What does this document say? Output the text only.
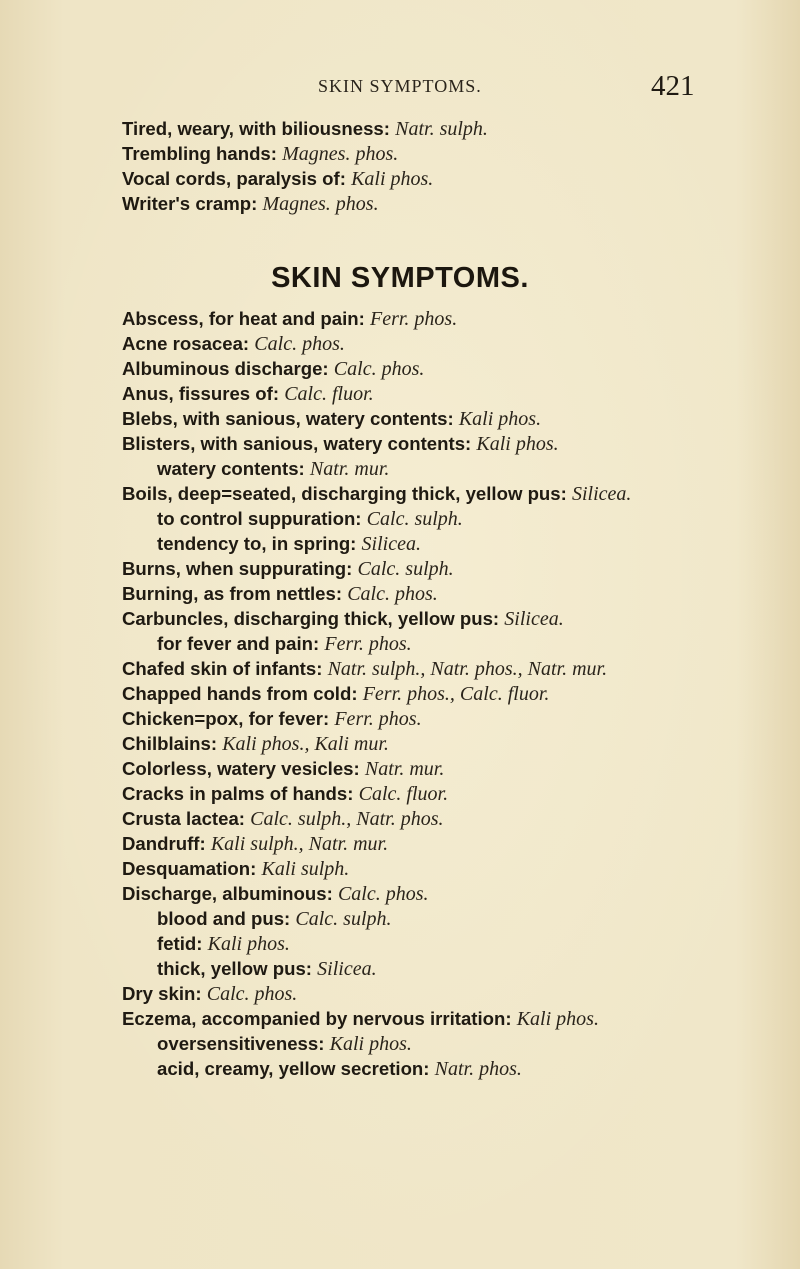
SKIN SYMPTOMS.	421
Tired, weary, with biliousness: Natr. sulph.
Trembling hands: Magnes. phos.
Vocal cords, paralysis of: Kali phos.
Writer's cramp: Magnes. phos.
SKIN SYMPTOMS.
Abscess, for heat and pain: Ferr. phos.
Acne rosacea: Calc. phos.
Albuminous discharge: Calc. phos.
Anus, fissures of: Calc. fluor.
Blebs, with sanious, watery contents: Kali phos.
Blisters, with sanious, watery contents: Kali phos.
watery contents: Natr. mur.
Boils, deep=seated, discharging thick, yellow pus: Silicea.
to control suppuration: Calc. sulph.
tendency to, in spring: Silicea.
Burns, when suppurating: Calc. sulph.
Burning, as from nettles: Calc. phos.
Carbuncles, discharging thick, yellow pus: Silicea.
for fever and pain: Ferr. phos.
Chafed skin of infants: Natr. sulph., Natr. phos., Natr. mur.
Chapped hands from cold: Ferr. phos., Calc. fluor.
Chicken=pox, for fever: Ferr. phos.
Chilblains: Kali phos., Kali mur.
Colorless, watery vesicles: Natr. mur.
Cracks in palms of hands: Calc. fluor.
Crusta lactea: Calc. sulph., Natr. phos.
Dandruff: Kali sulph., Natr. mur.
Desquamation: Kali sulph.
Discharge, albuminous: Calc. phos.
blood and pus: Calc. sulph.
fetid: Kali phos.
thick, yellow pus: Silicea.
Dry skin: Calc. phos.
Eczema, accompanied by nervous irritation: Kali phos.
oversensitiveness: Kali phos.
acid, creamy, yellow secretion: Natr. phos.
